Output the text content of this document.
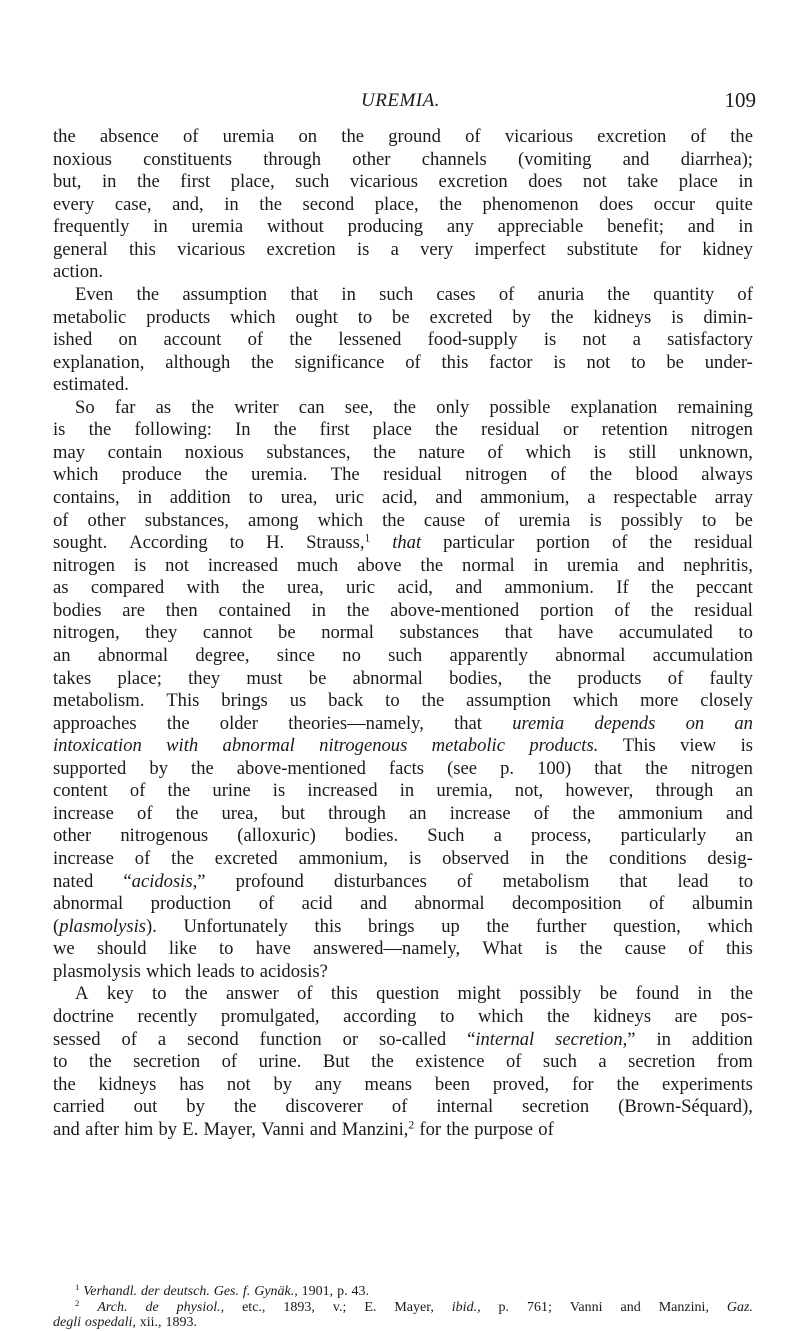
UREMIA.	109
the absence of uremia on the ground of vicarious excretion of the
noxious constituents through other channels (vomiting and diarrhea);
but, in the first place, such vicarious excretion does not take place in
every case, and, in the second place, the phenomenon does occur quite
frequently in uremia without producing any appreciable benefit; and in
general this vicarious excretion is a very imperfect substitute for kidney
action.
Even the assumption that in such cases of anuria the quantity of
metabolic products which ought to be excreted by the kidneys is dimin-
ished on account of the lessened food-supply is not a satisfactory
explanation, although the significance of this factor is not to be under-
estimated.
So far as the writer can see, the only possible explanation remaining
is the following: In the first place the residual or retention nitrogen
may contain noxious substances, the nature of which is still unknown,
which produce the uremia. The residual nitrogen of the blood always
contains, in addition to urea, uric acid, and ammonium, a respectable array
of other substances, among which the cause of uremia is possibly to be
sought. According to H. Strauss,$^1$ that particular portion of the residual
nitrogen is not increased much above the normal in uremia and nephritis,
as compared with the urea, uric acid, and ammonium. If the peccant
bodies are then contained in the above-mentioned portion of the residual
nitrogen, they cannot be normal substances that have accumulated to
an abnormal degree, since no such apparently abnormal accumulation
takes place; they must be abnormal bodies, the products of faulty
metabolism. This brings us back to the assumption which more closely
approaches the older theories—namely, that uremia depends on an
intoxication with abnormal nitrogenous metabolic products. This view is
supported by the above-mentioned facts (see p. 100) that the nitrogen
content of the urine is increased in uremia, not, however, through an
increase of the urea, but through an increase of the ammonium and
other nitrogenous (alloxuric) bodies. Such a process, particularly an
increase of the excreted ammonium, is observed in the conditions desig-
nated “acidosis,” profound disturbances of metabolism that lead to
abnormal production of acid and abnormal decomposition of albumin
(plasmolysis). Unfortunately this brings up the further question, which
we should like to have answered—namely, What is the cause of this
plasmolysis which leads to acidosis?
A key to the answer of this question might possibly be found in the
doctrine recently promulgated, according to which the kidneys are pos-
sessed of a second function or so-called “internal secretion,” in addition
to the secretion of urine. But the existence of such a secretion from
the kidneys has not by any means been proved, for the experiments
carried out by the discoverer of internal secretion (Brown-Séquard),
and after him by E. Mayer, Vanni and Manzini,$^2$ for the purpose of
$^1$ Verhandl. der deutsch. Ges. f. Gynäk., 1901, p. 43.
$^2$ Arch. de physiol., etc., 1893, v.; E. Mayer, ibid., p. 761; Vanni and Manzini, Gaz.
degli ospedali, xii., 1893.
